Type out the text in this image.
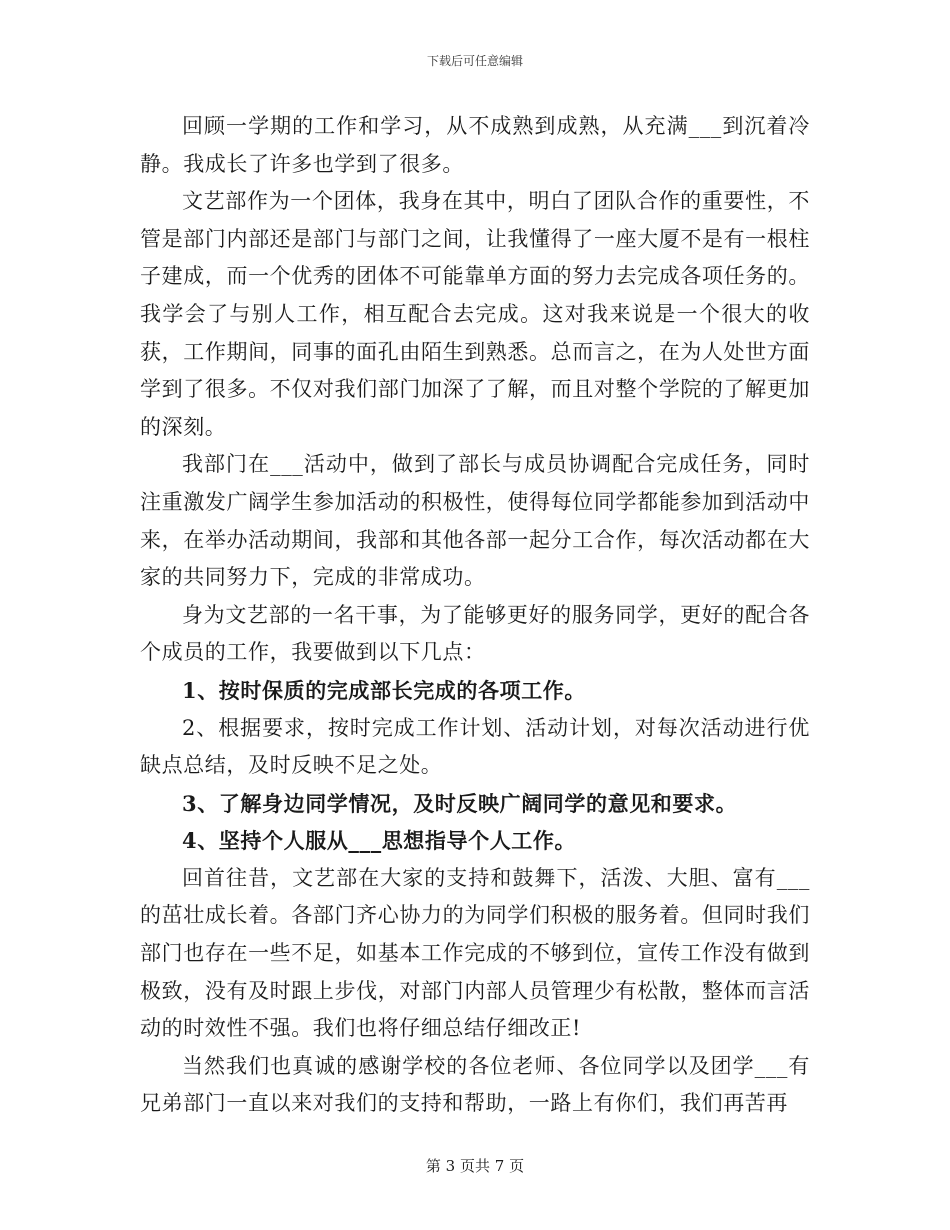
下载后可任意编辑

回顾一学期的工作和学习，从不成熟到成熟，从充满___到沉着冷静。我成长了许多也学到了很多。

文艺部作为一个团体，我身在其中，明白了团队合作的重要性，不管是部门内部还是部门与部门之间，让我懂得了一座大厦不是有一根柱子建成，而一个优秀的团体不可能靠单方面的努力去完成各项任务的。我学会了与别人工作，相互配合去完成。这对我来说是一个很大的收获，工作期间，同事的面孔由陌生到熟悉。总而言之，在为人处世方面学到了很多。不仅对我们部门加深了了解，而且对整个学院的了解更加的深刻。

我部门在___活动中，做到了部长与成员协调配合完成任务，同时注重激发广阔学生参加活动的积极性，使得每位同学都能参加到活动中来，在举办活动期间，我部和其他各部一起分工合作，每次活动都在大家的共同努力下，完成的非常成功。

身为文艺部的一名干事，为了能够更好的服务同学，更好的配合各个成员的工作，我要做到以下几点：

1、按时保质的完成部长完成的各项工作。

2、根据要求，按时完成工作计划、活动计划，对每次活动进行优缺点总结，及时反映不足之处。

3、了解身边同学情况，及时反映广阔同学的意见和要求。

4、坚持个人服从___思想指导个人工作。

回首往昔，文艺部在大家的支持和鼓舞下，活泼、大胆、富有___的茁壮成长着。各部门齐心协力的为同学们积极的服务着。但同时我们部门也存在一些不足，如基本工作完成的不够到位，宣传工作没有做到极致，没有及时跟上步伐，对部门内部人员管理少有松散，整体而言活动的时效性不强。我们也将仔细总结仔细改正!

当然我们也真诚的感谢学校的各位老师、各位同学以及团学___有兄弟部门一直以来对我们的支持和帮助，一路上有你们，我们再苦再

第 3 页共 7 页
